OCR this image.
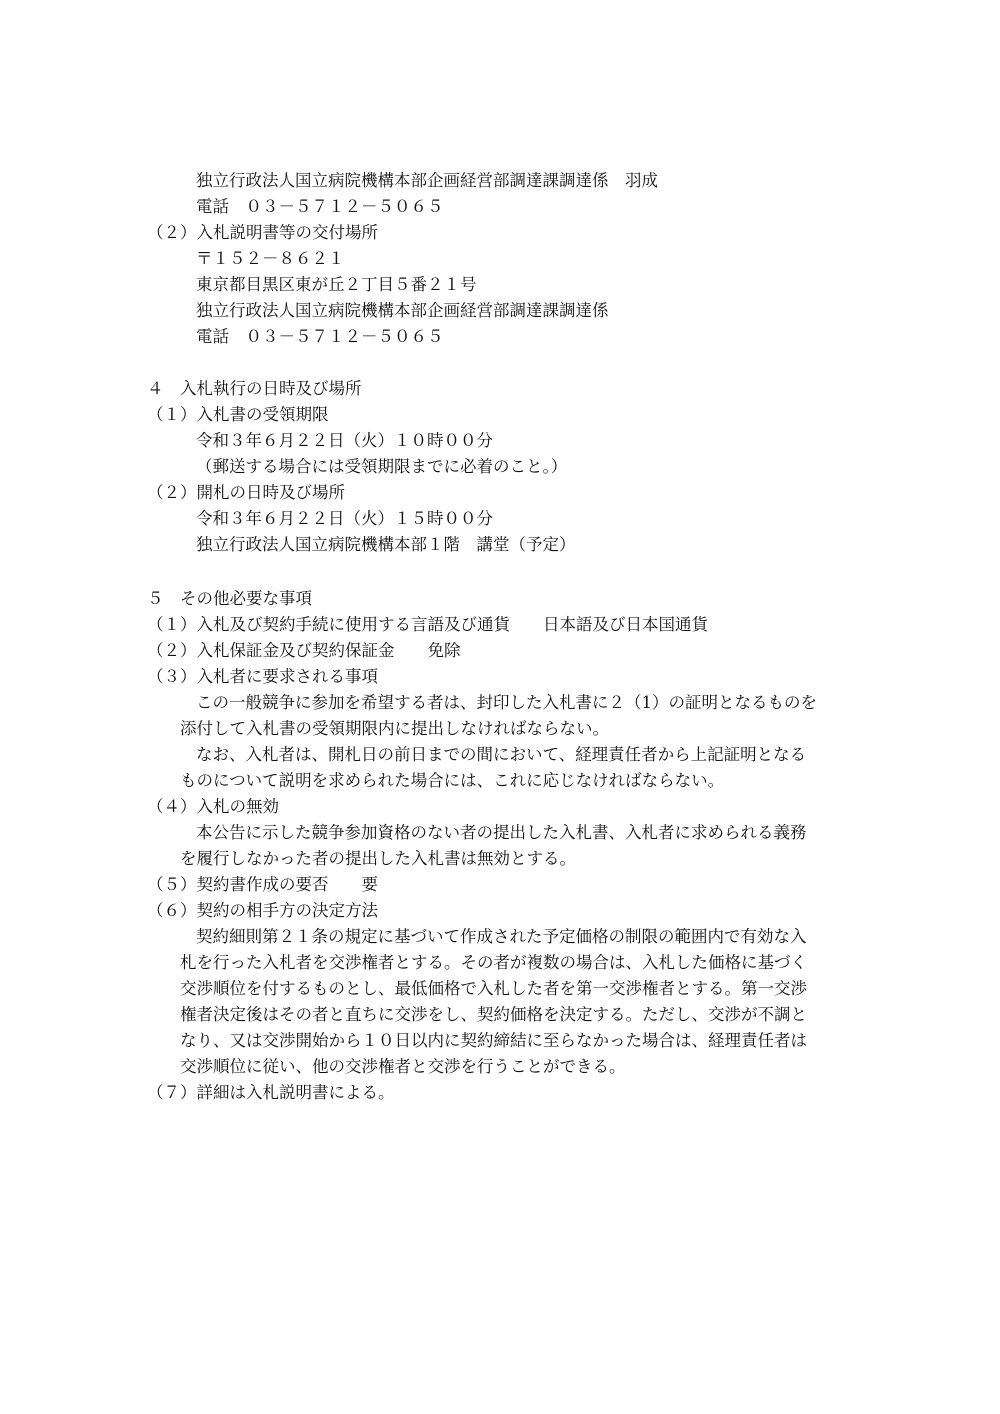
独立行政法人国立病院機構本部企画経営部調達課調達係　羽成
電話　０３－５７１２－５０６５
（２）入札説明書等の交付場所
〒１５２－８６２１
東京都目黒区東が丘２丁目５番２１号
独立行政法人国立病院機構本部企画経営部調達課調達係
電話　０３－５７１２－５０６５
４　入札執行の日時及び場所
（１）入札書の受領期限
令和３年６月２２日（火）１０時００分
（郵送する場合には受領期限までに必着のこと。）
（２）開札の日時及び場所
令和３年６月２２日（火）１５時００分
独立行政法人国立病院機構本部１階　講堂（予定）
５　その他必要な事項
（１）入札及び契約手続に使用する言語及び通貨　　日本語及び日本国通貨
（２）入札保証金及び契約保証金　　免除
（３）入札者に要求される事項
この一般競争に参加を希望する者は、封印した入札書に２（1）の証明となるものを
添付して入札書の受領期限内に提出しなければならない。
なお、入札者は、開札日の前日までの間において、経理責任者から上記証明となる
ものについて説明を求められた場合には、これに応じなければならない。
（４）入札の無効
本公告に示した競争参加資格のない者の提出した入札書、入札者に求められる義務
を履行しなかった者の提出した入札書は無効とする。
（５）契約書作成の要否　　要
（６）契約の相手方の決定方法
契約細則第２１条の規定に基づいて作成された予定価格の制限の範囲内で有効な入
札を行った入札者を交渉権者とする。その者が複数の場合は、入札した価格に基づく
交渉順位を付するものとし、最低価格で入札した者を第一交渉権者とする。第一交渉
権者決定後はその者と直ちに交渉をし、契約価格を決定する。ただし、交渉が不調と
なり、又は交渉開始から１０日以内に契約締結に至らなかった場合は、経理責任者は
交渉順位に従い、他の交渉権者と交渉を行うことができる。
（７）詳細は入札説明書による。
